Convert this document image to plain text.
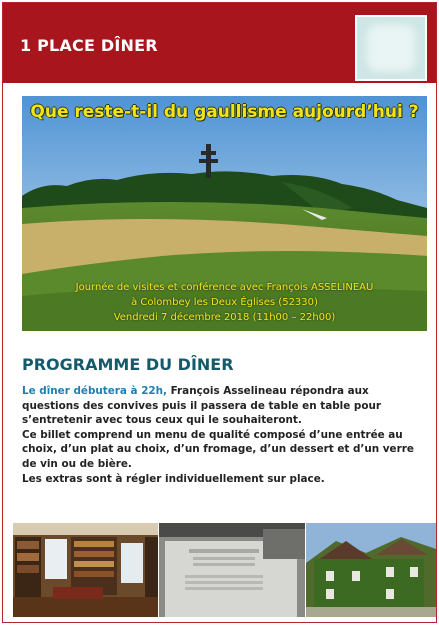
1 PLACE DÎNER
Que reste-t-il du gaullisme aujourd’hui ?
Journée de visites et conférence avec François ASSELINEAU
à Colombey les Deux Églises (52330)
Vendredi 7 décembre 2018 (11h00 – 22h00)
PROGRAMME DU DÎNER
Le dîner débutera à 22h, François Asselineau répondra aux
questions des convives puis il passera de table en table pour
s’entretenir avec tous ceux qui le souhaiteront.
Ce billet comprend un menu de qualité composé d’une entrée au
choix, d’un plat au choix, d’un fromage, d’un dessert et d’un verre
de vin ou de bière.
Les extras sont à régler individuellement sur place.
